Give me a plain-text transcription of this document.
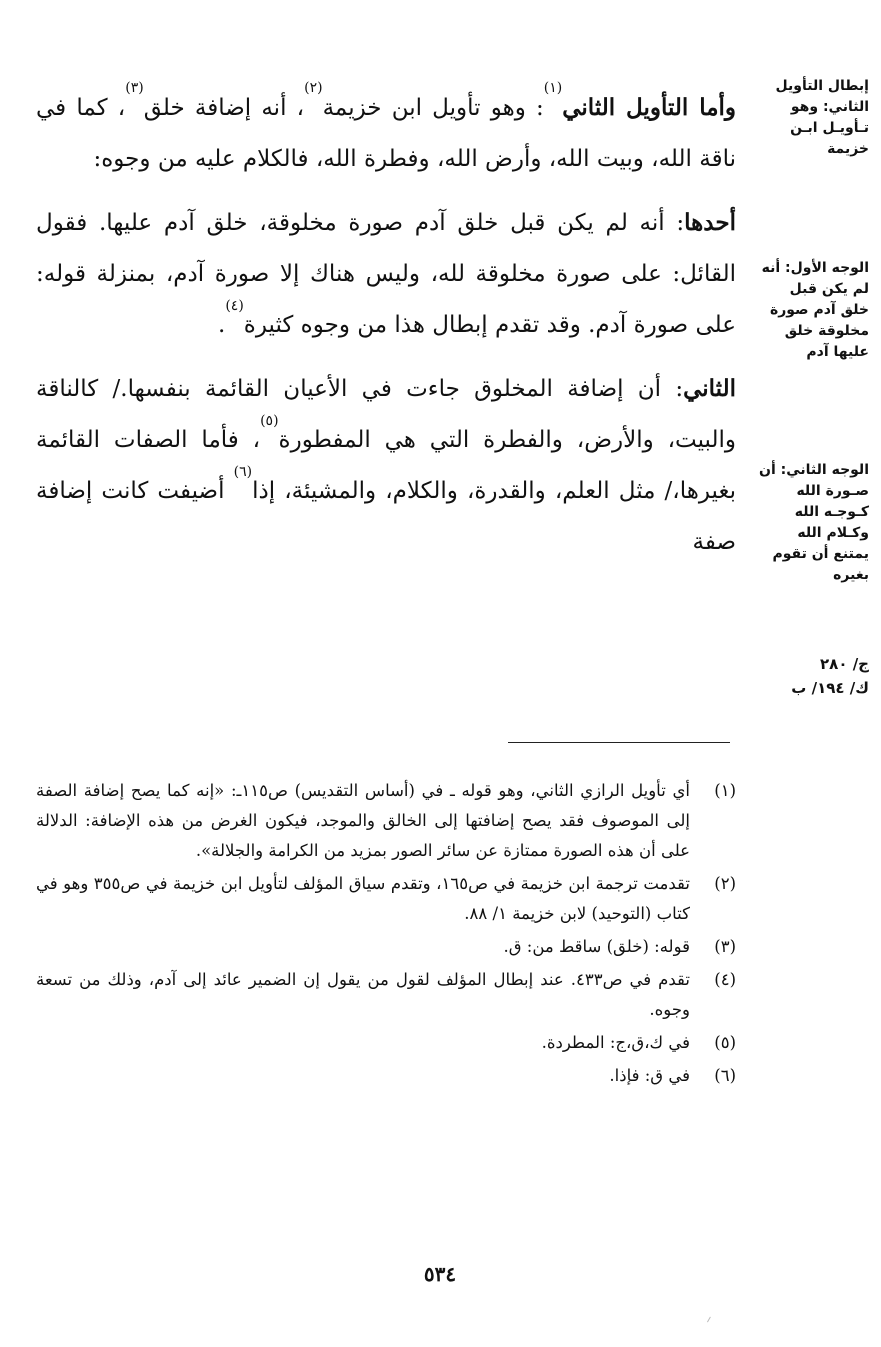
إبطال التأويل الثاني: وهو تـأويـل ابـن خزيمة
الوجه الأول: أنه لم يكن قبل خلق آدم صورة مخلوقة خلق عليها آدم
الوجه الثاني: أن صـورة الله كـوجـه الله وكـلام الله يمتنع أن تقوم بغيره
ج/ ٢٨٠
ك/ ١٩٤/ ب

وأما التأويل الثاني$^{(١)}$: وهو تأويل ابن خزيمة$^{(٢)}$، أنه إضافة خلق$^{(٣)}$، كما في ناقة الله، وبيت الله، وأرض الله، وفطرة الله، فالكلام عليه من وجوه:

أحدها: أنه لم يكن قبل خلق آدم صورة مخلوقة، خلق آدم عليها. فقول القائل: على صورة مخلوقة لله، وليس هناك إلا صورة آدم، بمنزلة قوله: على صورة آدم. وقد تقدم إبطال هذا من وجوه كثيرة$^{(٤)}$.

الثاني: أن إضافة المخلوق جاءت في الأعيان القائمة بنفسها./ كالناقة والبيت، والأرض، والفطرة التي هي المفطورة$^{(٥)}$، فأما الصفات القائمة بغيرها،/ مثل العلم، والقدرة، والكلام، والمشيئة، إذا$^{(٦)}$ أضيفت كانت إضافة صفة

(١)
أي تأويل الرازي الثاني، وهو قوله ـ في (أساس التقديس) ص١١٥ـ: «إنه كما يصح إضافة الصفة إلى الموصوف فقد يصح إضافتها إلى الخالق والموجد، فيكون الغرض من هذه الإضافة: الدلالة على أن هذه الصورة ممتازة عن سائر الصور بمزيد من الكرامة والجلالة».
(٢)
تقدمت ترجمة ابن خزيمة في ص١٦٥، وتقدم سياق المؤلف لتأويل ابن خزيمة في ص٣٥٥ وهو في كتاب (التوحيد) لابن خزيمة ١/ ٨٨.
(٣)
قوله: (خلق) ساقط من: ق.
(٤)
تقدم في ص٤٣٣. عند إبطال المؤلف لقول من يقول إن الضمير عائد إلى آدم، وذلك من تسعة وجوه.
(٥)
في ك،ق،ج: المطردة.
(٦)
في ق: فإذا.
٥٣٤
